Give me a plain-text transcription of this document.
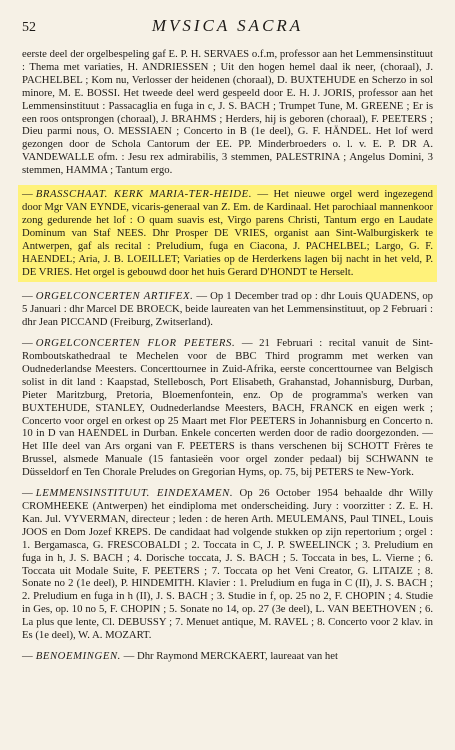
52	MVSICA SACRA

eerste deel der orgelbespeling gaf E. P. H. SERVAES o.f.m, professor aan het Lemmensinstituut : Thema met variaties, H. ANDRIESSEN ; Uit den hogen hemel daal ik neer, (choraal), J. PACHELBEL ; Kom nu, Verlosser der heidenen (choraal), D. BUXTEHUDE en Scherzo in sol minore, M. E. BOSSI. Het tweede deel werd gespeeld door E. H. J. JORIS, professor aan het Lemmensinstituut : Passacaglia en fuga in c, J. S. BACH ; Trumpet Tune, M. GREENE ; Er is een roos ontsprongen (choraal), J. BRAHMS ; Herders, hij is geboren (choraal), F. PEETERS ; Dieu parmi nous, O. MESSIAEN ; Concerto in B (1e deel), G. F. HÄNDEL. Het lof werd gezongen door de Schola Cantorum der EE. PP. Minderbroeders o. l. v. E. P. DR A. VANDEWALLE ofm. : Jesu rex admirabilis, 3 stemmen, PALESTRINA ; Angelus Domini, 3 stemmen, HAMMA ; Tantum ergo.

— BRASSCHAAT. KERK MARIA-TER-HEIDE. — Het nieuwe orgel werd ingezegend door Mgr VAN EYNDE, vicaris-generaal van Z. Em. de Kardinaal. Het parochiaal mannenkoor zong gedurende het lof : O quam suavis est, Virgo parens Christi, Tantum ergo en Laudate Dominum van Staf NEES. Dhr Prosper DE VRIES, organist aan Sint-Walburgiskerk te Antwerpen, gaf als recital : Preludium, fuga en Ciacona, J. PACHELBEL; Largo, G. F. HAENDEL; Aria, J. B. LOEILLET; Variaties op de Herderkens lagen bij nacht in het veld, P. DE VRIES. Het orgel is gebouwd door het huis Gerard D'HONDT te Herselt.

— ORGELCONCERTEN ARTIFEX. — Op 1 December trad op : dhr Louis QUADENS, op 5 Januari : dhr Marcel DE BROECK, beide laureaten van het Lemmensinstituut, op 2 Februari : dhr Jean PICCAND (Freiburg, Zwitserland).

— ORGELCONCERTEN FLOR PEETERS. — 21 Februari : recital vanuit de Sint-Romboutskathedraal te Mechelen voor de BBC Third programm met werken van Oudnederlandse Meesters. Concerttournee in Zuid-Afrika, eerste concerttournee van Belgisch solist in dit land : Kaapstad, Stellebosch, Port Elisabeth, Grahanstad, Johannisburg, Durban, Pieter Maritzburg, Pretoria, Bloemenfontein, enz. Op de programma's werken van BUXTEHUDE, STANLEY, Oudnederlandse Meesters, BACH, FRANCK en eigen werk ; Concerto voor orgel en orkest op 25 Maart met Flor PEETERS in Johannisburg en Concerto n. 10 in D van HAENDEL in Durban. Enkele concerten werden door de radio doorgezonden. — Het IIIe deel van Ars organi van F. PEETERS is thans verschenen bij SCHOTT Frères te Brussel, alsmede Manuale (15 fantasieën voor orgel zonder pedaal) bij SCHWANN te Düsseldorf en Ten Chorale Preludes on Gregorian Hyms, op. 75, bij PETERS te New-York.

— LEMMENSINSTITUUT. EINDEXAMEN. Op 26 October 1954 behaalde dhr Willy CROMHEEKE (Antwerpen) het eindiploma met onderscheiding. Jury : voorzitter : Z. E. H. Kan. Jul. VYVERMAN, directeur ; leden : de heren Arth. MEULEMANS, Paul TINEL, Louis JOOS en Dom Jozef KREPS. De candidaat had volgende stukken op zijn repertorium ; orgel : 1. Bergamasca, G. FRESCOBALDI ; 2. Toccata in C, J. P. SWEELINCK ; 3. Preludium en fuga in h, J. S. BACH ; 4. Dorische toccata, J. S. BACH ; 5. Toccata in bes, L. Vierne ; 6. Toccata uit Modale Suite, F. PEETERS ; 7. Toccata op het Veni Creator, G. LITAIZE ; 8. Sonate no 2 (1e deel), P. HINDEMITH. Klavier : 1. Preludium en fuga in C (II), J. S. BACH ; 2. Preludium en fuga in h (II), J. S. BACH ; 3. Studie in f, op. 25 no 2, F. CHOPIN ; 4. Studie in Ges, op. 10 no 5, F. CHOPIN ; 5. Sonate no 14, op. 27 (3e deel), L. VAN BEETHOVEN ; 6. La plus que lente, Cl. DEBUSSY ; 7. Menuet antique, M. RAVEL ; 8. Concerto voor 2 klav. in Es (1e deel), W. A. MOZART.

— BENOEMINGEN. — Dhr Raymond MERCKAERT, laureaat van het
